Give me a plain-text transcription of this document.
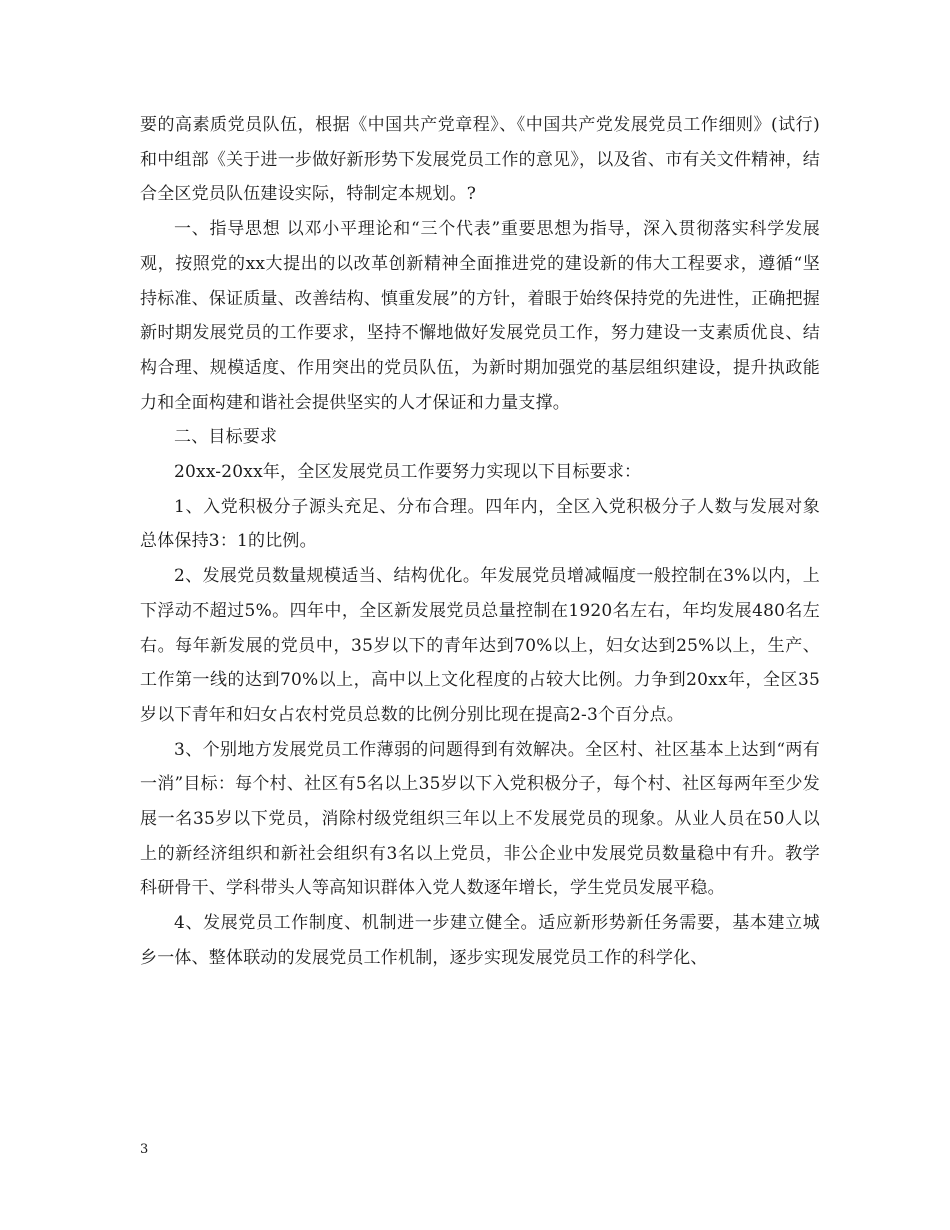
要的高素质党员队伍，根据《中国共产党章程》、《中国共产党发展党员工作细则》(试行)和中组部《关于进一步做好新形势下发展党员工作的意见》，以及省、市有关文件精神，结合全区党员队伍建设实际，特制定本规划。?

一、指导思想 以邓小平理论和“三个代表”重要思想为指导，深入贯彻落实科学发展观，按照党的xx大提出的以改革创新精神全面推进党的建设新的伟大工程要求，遵循“坚持标准、保证质量、改善结构、慎重发展”的方针，着眼于始终保持党的先进性，正确把握新时期发展党员的工作要求，坚持不懈地做好发展党员工作，努力建设一支素质优良、结构合理、规模适度、作用突出的党员队伍，为新时期加强党的基层组织建设，提升执政能力和全面构建和谐社会提供坚实的人才保证和力量支撑。

二、目标要求

20xx-20xx年，全区发展党员工作要努力实现以下目标要求：

1、入党积极分子源头充足、分布合理。四年内，全区入党积极分子人数与发展对象总体保持3：1的比例。

2、发展党员数量规模适当、结构优化。年发展党员增减幅度一般控制在3%以内，上下浮动不超过5%。四年中，全区新发展党员总量控制在1920名左右，年均发展480名左右。每年新发展的党员中，35岁以下的青年达到70%以上，妇女达到25%以上，生产、工作第一线的达到70%以上，高中以上文化程度的占较大比例。力争到20xx年，全区35岁以下青年和妇女占农村党员总数的比例分别比现在提高2-3个百分点。

3、个别地方发展党员工作薄弱的问题得到有效解决。全区村、社区基本上达到“两有一消”目标：每个村、社区有5名以上35岁以下入党积极分子，每个村、社区每两年至少发展一名35岁以下党员，消除村级党组织三年以上不发展党员的现象。从业人员在50人以上的新经济组织和新社会组织有3名以上党员，非公企业中发展党员数量稳中有升。教学科研骨干、学科带头人等高知识群体入党人数逐年增长，学生党员发展平稳。

4、发展党员工作制度、机制进一步建立健全。适应新形势新任务需要，基本建立城乡一体、整体联动的发展党员工作机制，逐步实现发展党员工作的科学化、

3
